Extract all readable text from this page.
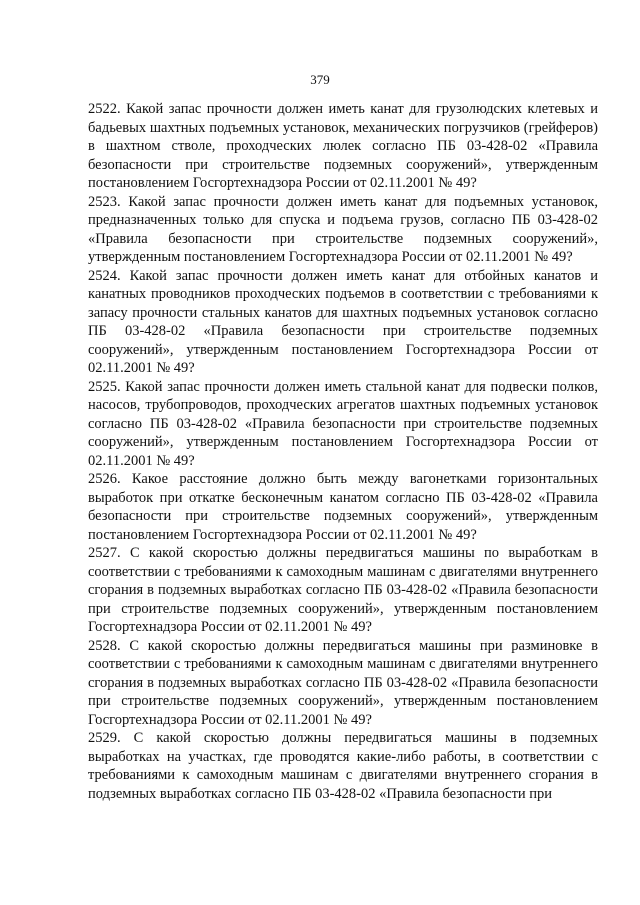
379

2522. Какой запас прочности должен иметь канат для грузолюдских клетевых и бадьевых шахтных подъемных установок, механических погрузчиков (грейферов) в шахтном стволе, проходческих люлек согласно ПБ 03-428-02 «Правила безопасности при строительстве подземных сооружений», утвержденным постановлением Госгортехнадзора России от 02.11.2001 № 49?

2523. Какой запас прочности должен иметь канат для подъемных установок, предназначенных только для спуска и подъема грузов, согласно ПБ 03-428-02 «Правила безопасности при строительстве подземных сооружений», утвержденным постановлением Госгортехнадзора России от 02.11.2001 № 49?

2524. Какой запас прочности должен иметь канат для отбойных канатов и канатных проводников проходческих подъемов в соответствии с требованиями к запасу прочности стальных канатов для шахтных подъемных установок согласно ПБ 03-428-02 «Правила безопасности при строительстве подземных сооружений», утвержденным постановлением Госгортехнадзора России от 02.11.2001 № 49?

2525. Какой запас прочности должен иметь стальной канат для подвески полков, насосов, трубопроводов, проходческих агрегатов шахтных подъемных установок согласно ПБ 03-428-02 «Правила безопасности при строительстве подземных сооружений», утвержденным постановлением Госгортехнадзора России от 02.11.2001 № 49?

2526. Какое расстояние должно быть между вагонетками горизонтальных выработок при откатке бесконечным канатом согласно ПБ 03-428-02 «Правила безопасности при строительстве подземных сооружений», утвержденным постановлением Госгортехнадзора России от 02.11.2001 № 49?

2527. С какой скоростью должны передвигаться машины по выработкам в соответствии с требованиями к самоходным машинам с двигателями внутреннего сгорания в подземных выработках согласно ПБ 03-428-02 «Правила безопасности при строительстве подземных сооружений», утвержденным постановлением Госгортехнадзора России от 02.11.2001 № 49?

2528. С какой скоростью должны передвигаться машины при разминовке в соответствии с требованиями к самоходным машинам с двигателями внутреннего сгорания в подземных выработках согласно ПБ 03-428-02 «Правила безопасности при строительстве подземных сооружений», утвержденным постановлением Госгортехнадзора России от 02.11.2001 № 49?

2529. С какой скоростью должны передвигаться машины в подземных выработках на участках, где проводятся какие-либо работы, в соответствии с требованиями к самоходным машинам с двигателями внутреннего сгорания в подземных выработках согласно ПБ 03-428-02 «Правила безопасности при
